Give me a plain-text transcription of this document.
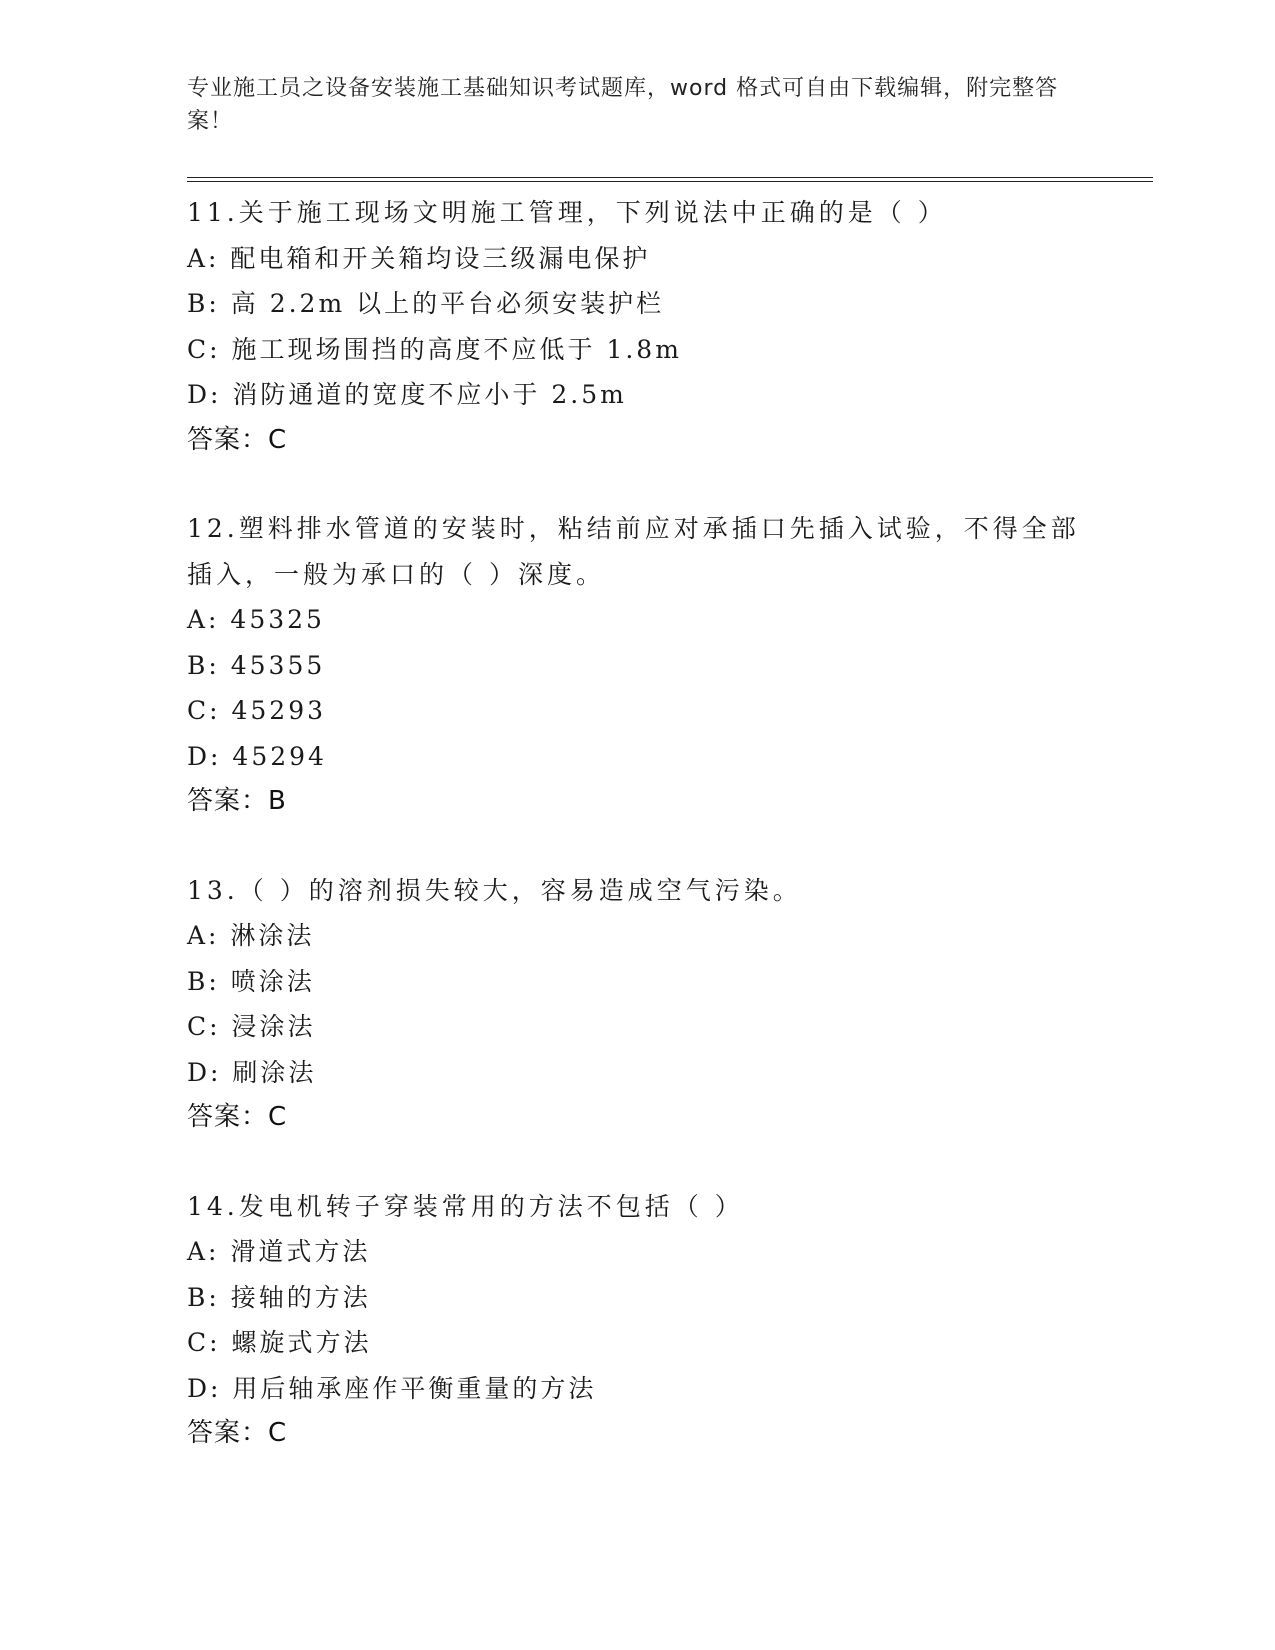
专业施工员之设备安装施工基础知识考试题库，word 格式可自由下载编辑，附完整答案！
11.关于施工现场文明施工管理，下列说法中正确的是（ ）
A: 配电箱和开关箱均设三级漏电保护
B: 高 2.2m 以上的平台必须安装护栏
C: 施工现场围挡的高度不应低于 1.8m
D: 消防通道的宽度不应小于 2.5m
答案：C
12.塑料排水管道的安装时，粘结前应对承插口先插入试验，不得全部插入，一般为承口的（ ）深度。
A: 45325
B: 45355
C: 45293
D: 45294
答案：B
13.（ ）的溶剂损失较大，容易造成空气污染。
A: 淋涂法
B: 喷涂法
C: 浸涂法
D: 刷涂法
答案：C
14.发电机转子穿装常用的方法不包括（ ）
A: 滑道式方法
B: 接轴的方法
C: 螺旋式方法
D: 用后轴承座作平衡重量的方法
答案：C
